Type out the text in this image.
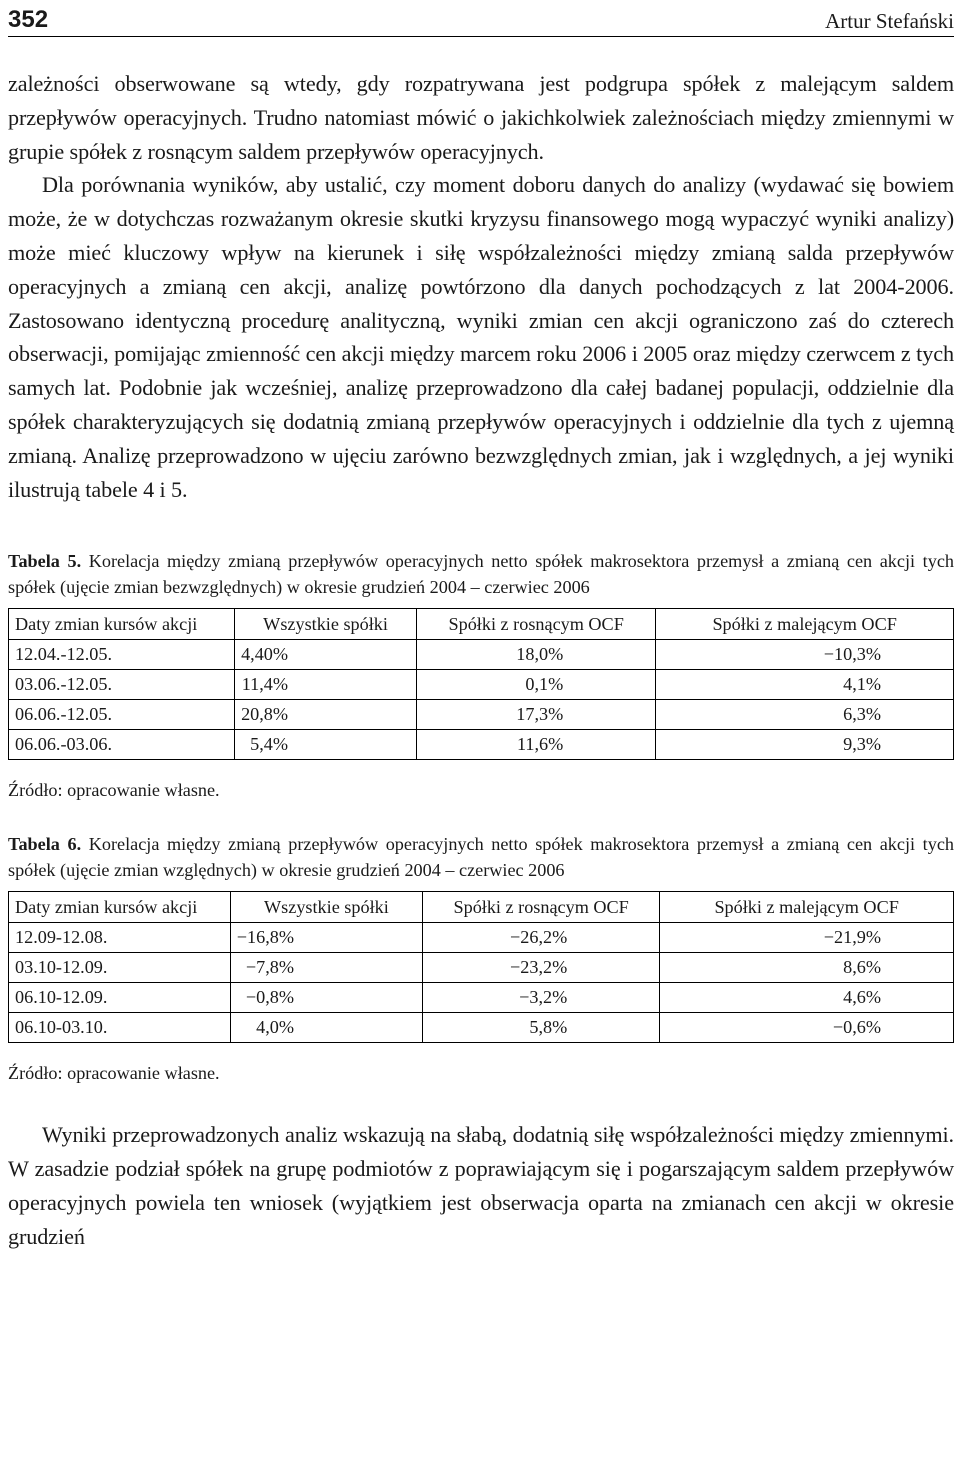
352	Artur Stefański

zależności obserwowane są wtedy, gdy rozpatrywana jest podgrupa spółek z malejącym saldem przepływów operacyjnych. Trudno natomiast mówić o jakichkolwiek zależnościach między zmiennymi w grupie spółek z rosnącym saldem przepływów operacyjnych.

Dla porównania wyników, aby ustalić, czy moment doboru danych do analizy (wydawać się bowiem może, że w dotychczas rozważanym okresie skutki kryzysu finansowego mogą wypaczyć wyniki analizy) może mieć kluczowy wpływ na kierunek i siłę współzależności między zmianą salda przepływów operacyjnych a zmianą cen akcji, analizę powtórzono dla danych pochodzących z lat 2004-2006. Zastosowano identyczną procedurę analityczną, wyniki zmian cen akcji ograniczono zaś do czterech obserwacji, pomijając zmienność cen akcji między marcem roku 2006 i 2005 oraz między czerwcem z tych samych lat. Podobnie jak wcześniej, analizę przeprowadzono dla całej badanej populacji, oddzielnie dla spółek charakteryzujących się dodatnią zmianą przepływów operacyjnych i oddzielnie dla tych z ujemną zmianą. Analizę przeprowadzono w ujęciu zarówno bezwzględnych zmian, jak i względnych, a jej wyniki ilustrują tabele 4 i 5.

Tabela 5. Korelacja między zmianą przepływów operacyjnych netto spółek makrosektora przemysł a zmianą cen akcji tych spółek (ujęcie zmian bezwzględnych) w okresie grudzień 2004 – czerwiec 2006

Daty zmian kursów akcji	Wszystkie spółki	Spółki z rosnącym OCF	Spółki z malejącym OCF
12.04.-12.05.	4,40%	18,0%	−10,3%
03.06.-12.05.	11,4%	0,1%	4,1%
06.06.-12.05.	20,8%	17,3%	6,3%
06.06.-03.06.	5,4%	11,6%	9,3%

Źródło: opracowanie własne.

Tabela 6. Korelacja między zmianą przepływów operacyjnych netto spółek makrosektora przemysł a zmianą cen akcji tych spółek (ujęcie zmian względnych) w okresie grudzień 2004 – czerwiec 2006

Daty zmian kursów akcji	Wszystkie spółki	Spółki z rosnącym OCF	Spółki z malejącym OCF
12.09-12.08.	−16,8%	−26,2%	−21,9%
03.10-12.09.	−7,8%	−23,2%	8,6%
06.10-12.09.	−0,8%	−3,2%	4,6%
06.10-03.10.	4,0%	5,8%	−0,6%

Źródło: opracowanie własne.

Wyniki przeprowadzonych analiz wskazują na słabą, dodatnią siłę współzależności między zmiennymi. W zasadzie podział spółek na grupę podmiotów z poprawiającym się i pogarszającym saldem przepływów operacyjnych powiela ten wniosek (wyjątkiem jest obserwacja oparta na zmianach cen akcji w okresie grudzień
